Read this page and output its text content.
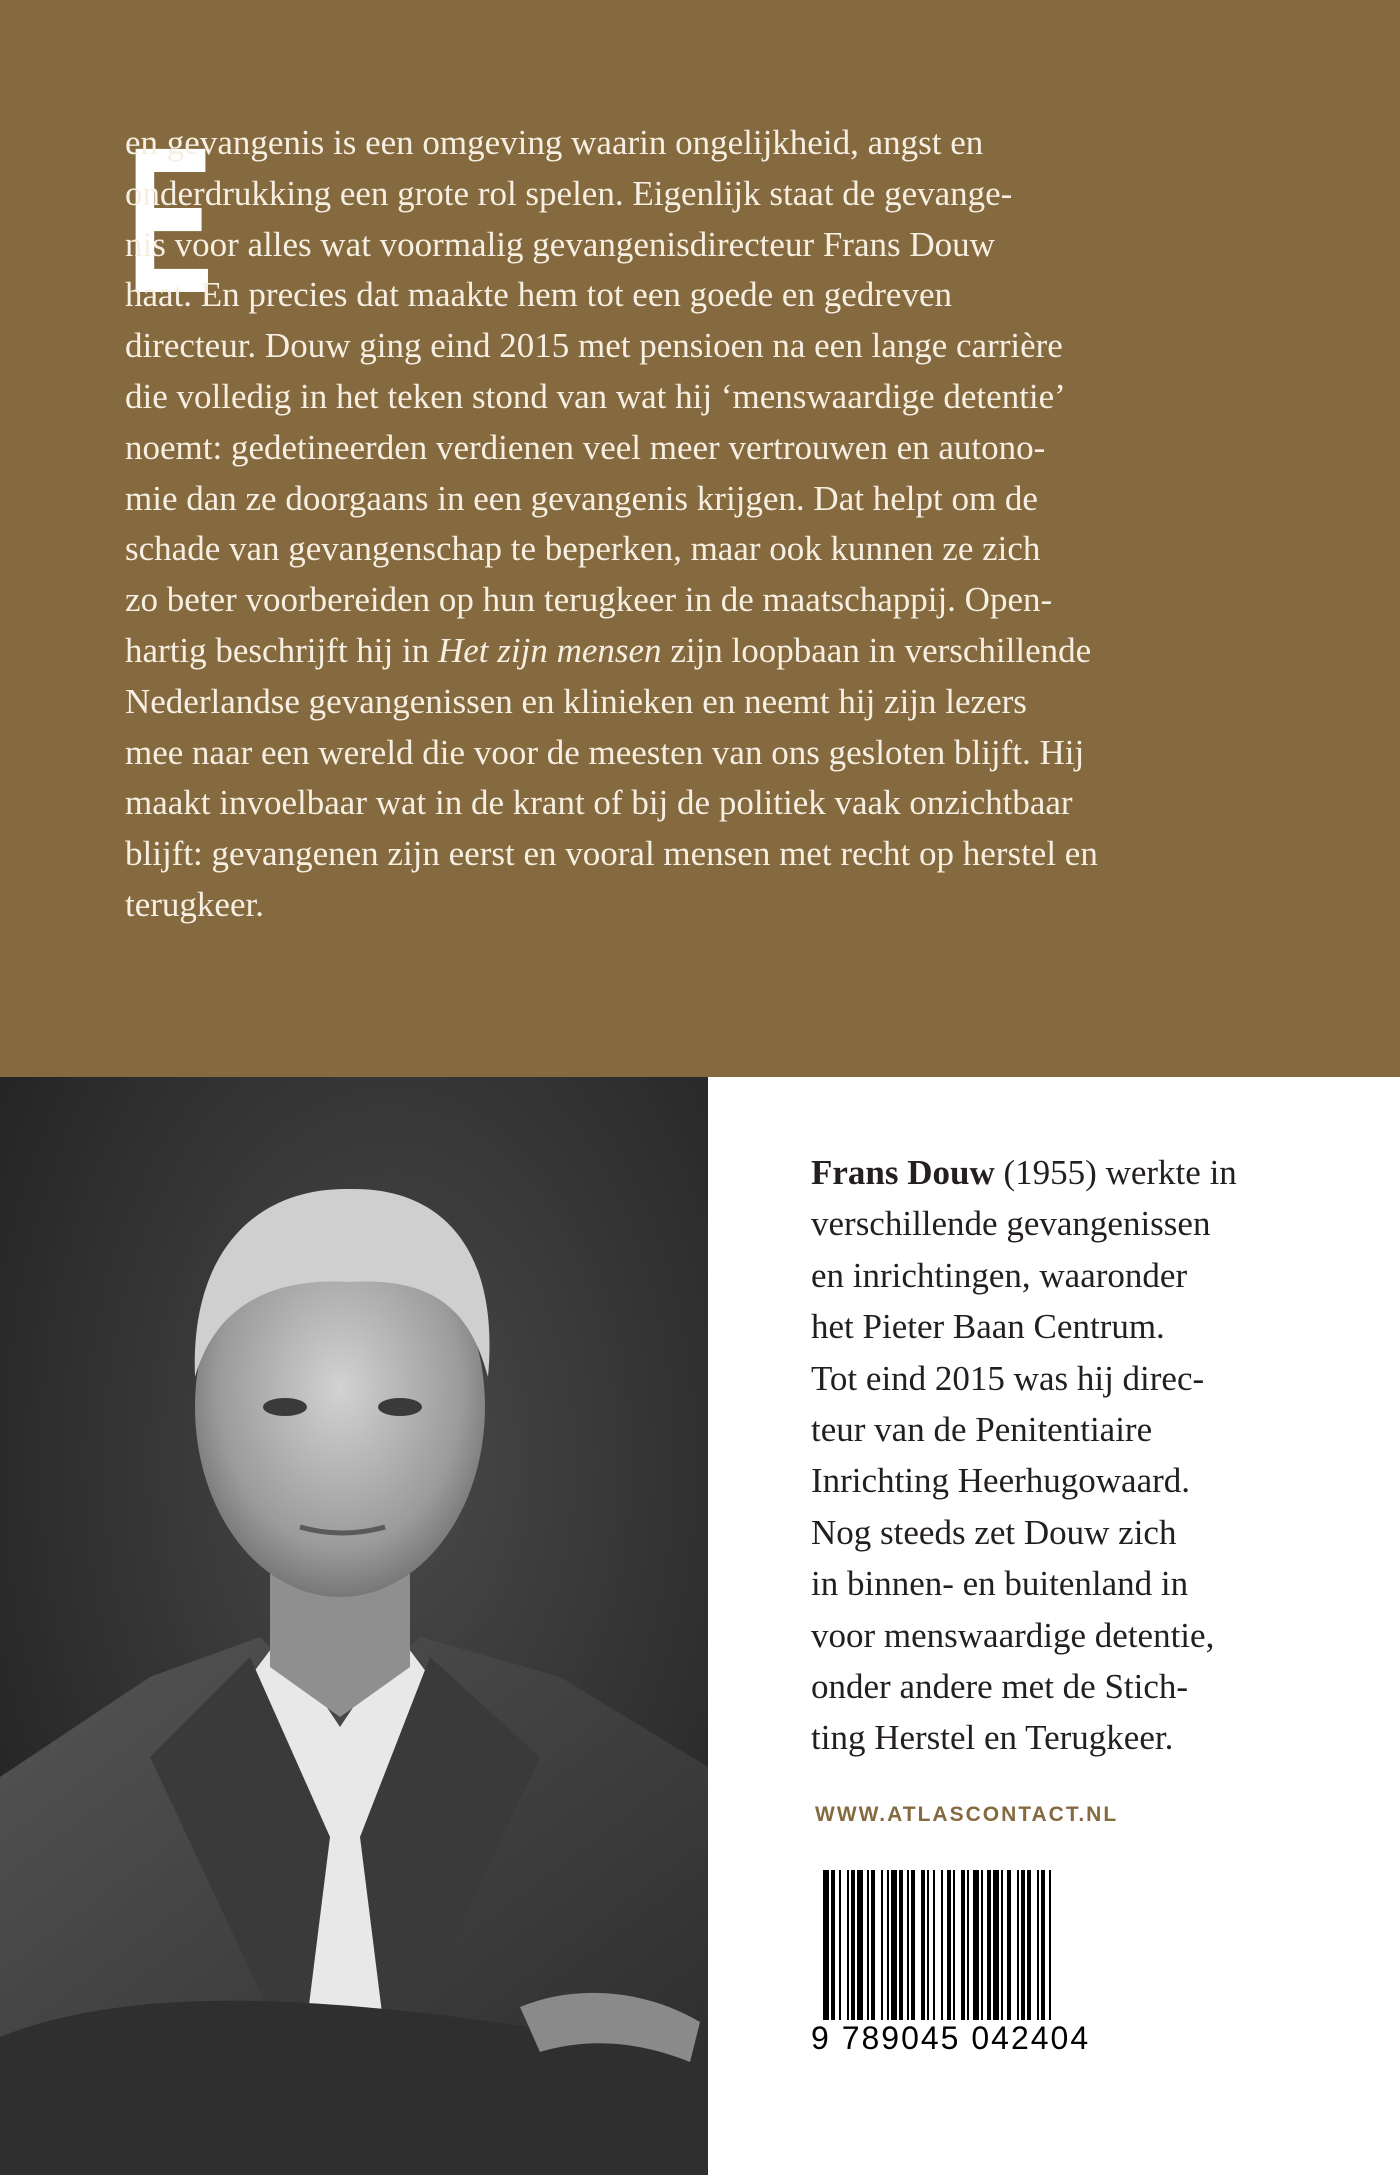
E
en gevangenis is een omgeving waarin ongelijkheid, angst en
onderdrukking een grote rol spelen. Eigenlijk staat de gevange-
nis voor alles wat voormalig gevangenisdirecteur Frans Douw
haat. En precies dat maakte hem tot een goede en gedreven
directeur. Douw ging eind 2015 met pensioen na een lange carrière
die volledig in het teken stond van wat hij ‘menswaardige detentie’
noemt: gedetineerden verdienen veel meer vertrouwen en autono-
mie dan ze doorgaans in een gevangenis krijgen. Dat helpt om de
schade van gevangenschap te beperken, maar ook kunnen ze zich
zo beter voorbereiden op hun terugkeer in de maatschappij. Open-
hartig beschrijft hij in Het zijn mensen zijn loopbaan in verschillende
Nederlandse gevangenissen en klinieken en neemt hij zijn lezers
mee naar een wereld die voor de meesten van ons gesloten blijft. Hij
maakt invoelbaar wat in de krant of bij de politiek vaak onzichtbaar
blijft: gevangenen zijn eerst en vooral mensen met recht op herstel en
terugkeer.
Frans Douw (1955) werkte in
verschillende gevangenissen
en inrichtingen, waaronder
het Pieter Baan Centrum.
Tot eind 2015 was hij direc-
teur van de Penitentiaire
Inrichting Heerhugowaard.
Nog steeds zet Douw zich
in binnen- en buitenland in
voor menswaardige detentie,
onder andere met de Stich-
ting Herstel en Terugkeer.
WWW.ATLASCONTACT.NL
9 789045 042404
